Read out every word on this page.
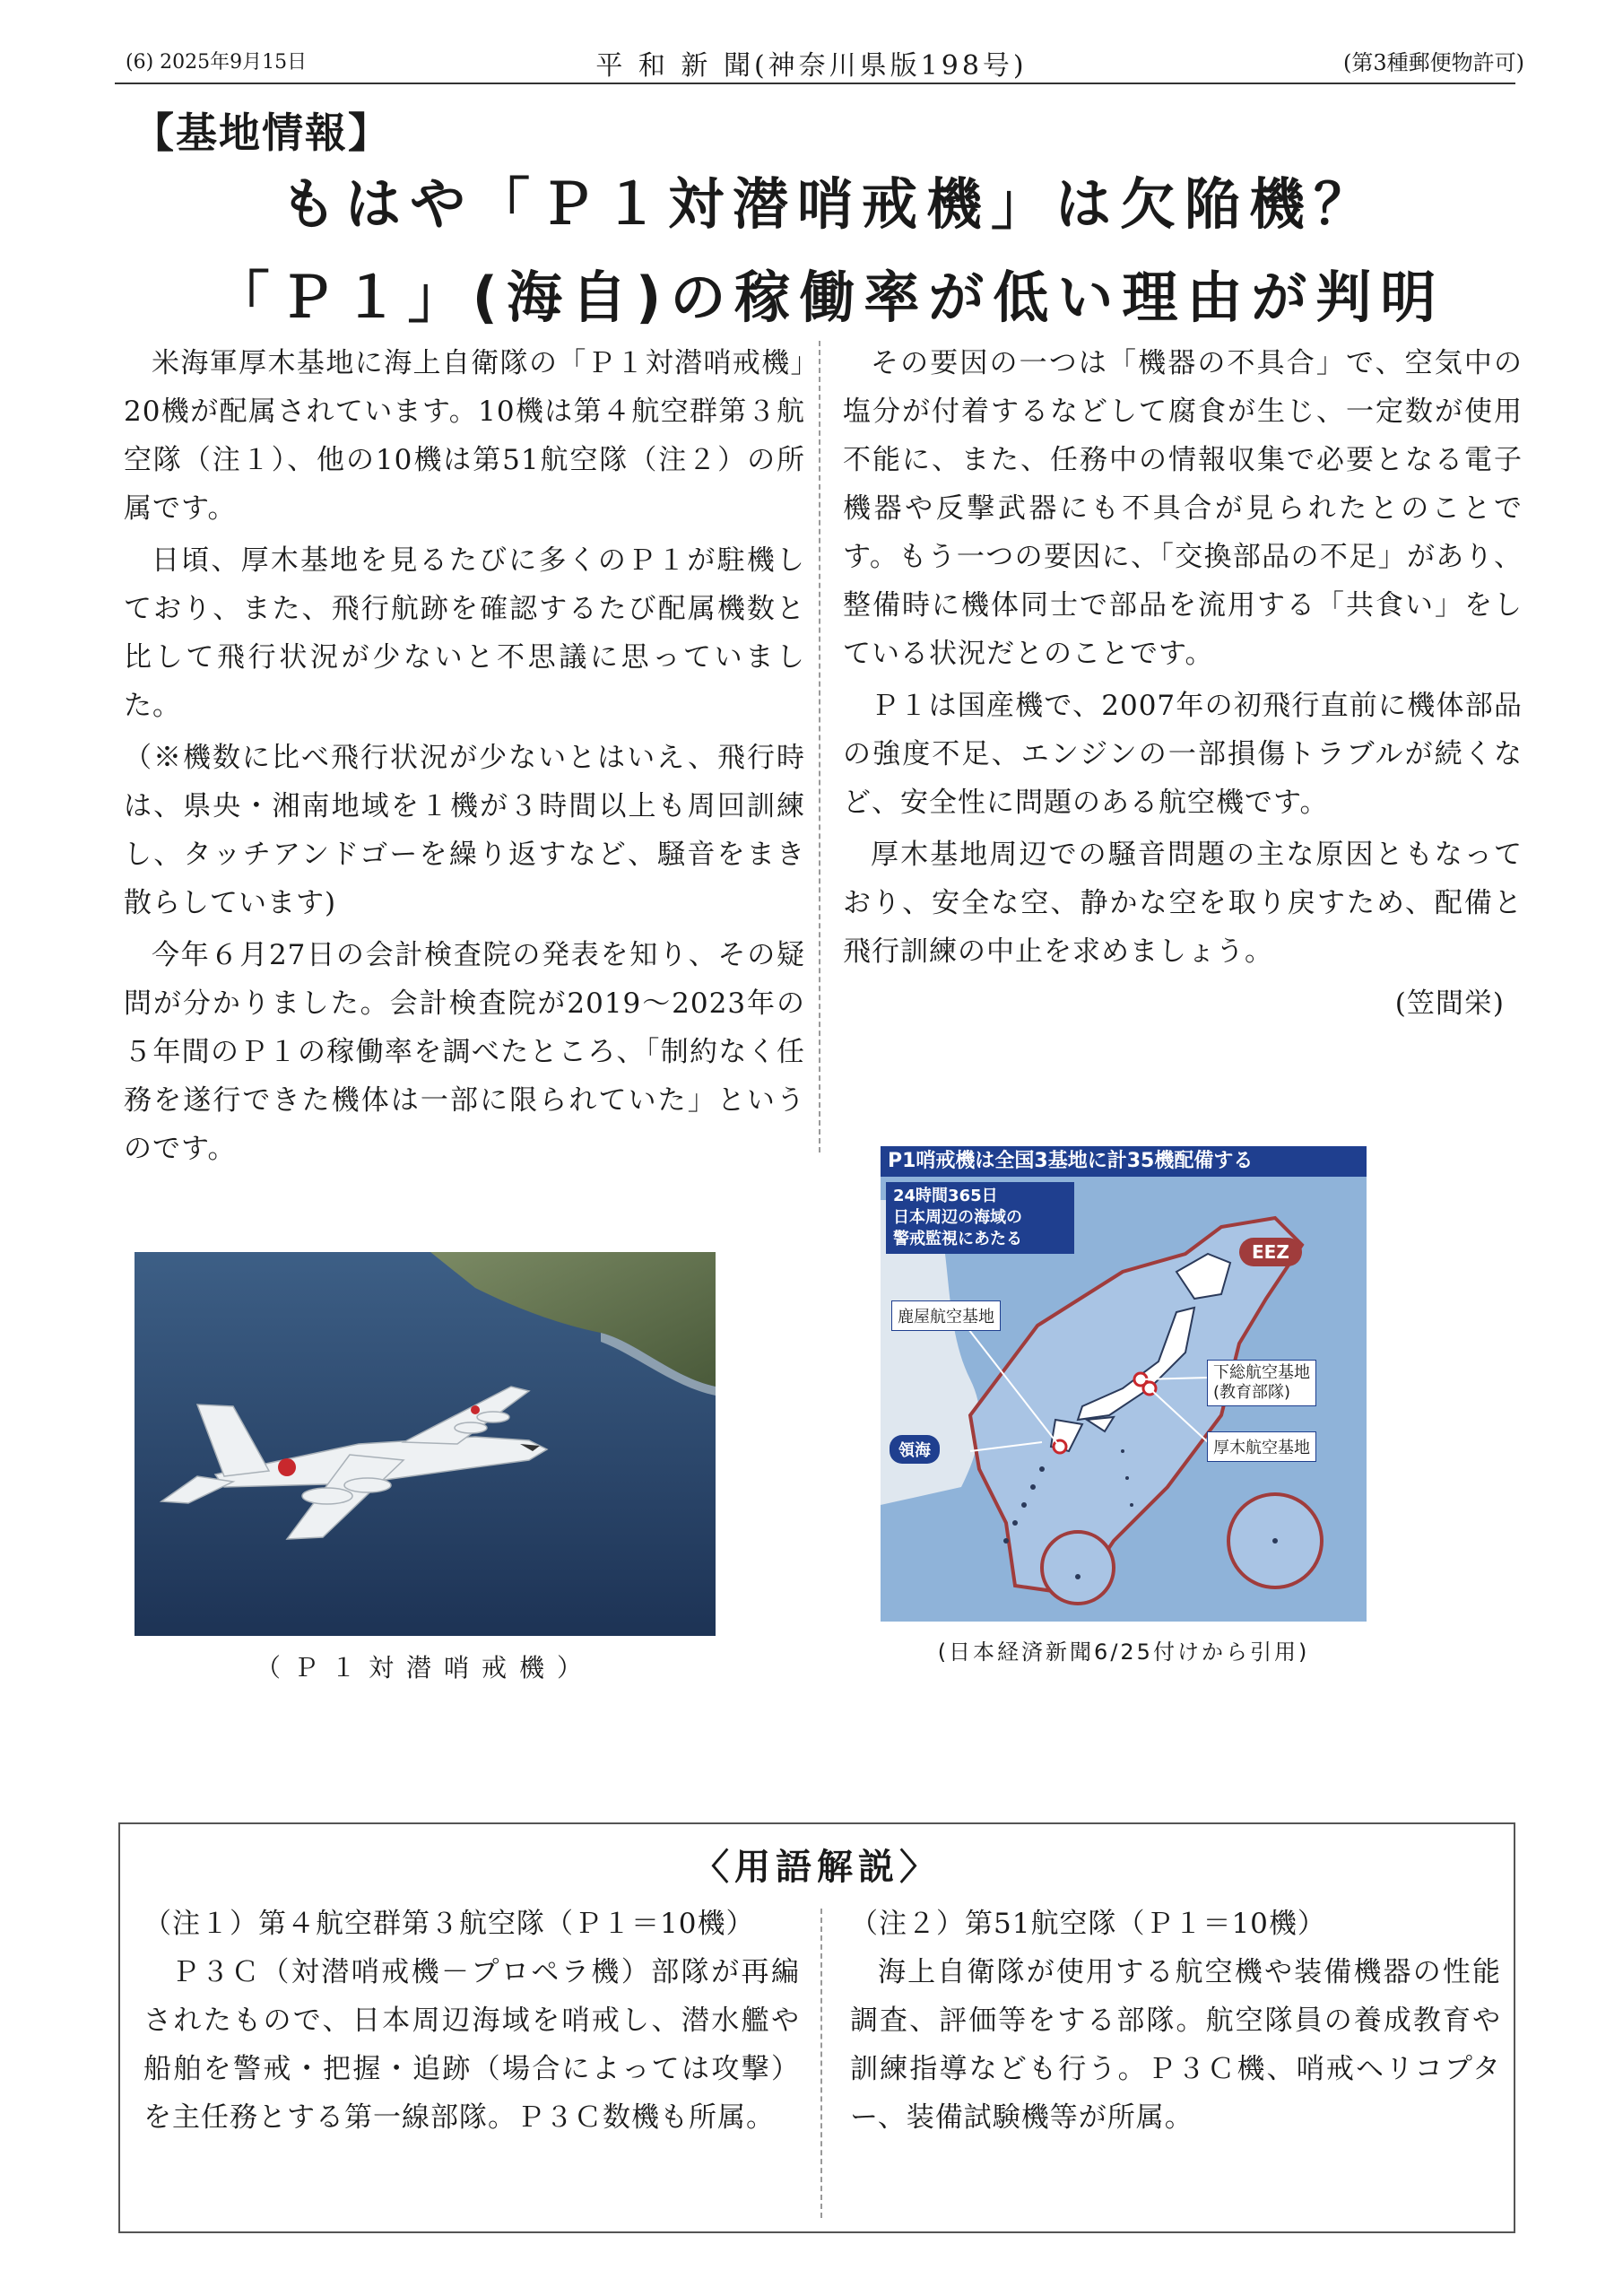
(6) 2025年9月15日	平 和 新 聞(神奈川県版198号)	(第3種郵便物許可)
【基地情報】
もはや「Ｐ１対潜哨戒機」は欠陥機？
「Ｐ１」(海自)の稼働率が低い理由が判明

米海軍厚木基地に海上自衛隊の「Ｐ１対潜哨戒機」20機が配属されています。10機は第４航空群第３航空隊（注１）、他の10機は第51航空隊（注２）の所属です。

日頃、厚木基地を見るたびに多くのＰ１が駐機しており、また、飛行航跡を確認するたび配属機数と比して飛行状況が少ないと不思議に思っていました。

（※機数に比べ飛行状況が少ないとはいえ、飛行時は、県央・湘南地域を１機が３時間以上も周回訓練し、タッチアンドゴーを繰り返すなど、騒音をまき散らしています)

今年６月27日の会計検査院の発表を知り、その疑問が分かりました。会計検査院が2019～2023年の５年間のＰ１の稼働率を調べたところ、「制約なく任務を遂行できた機体は一部に限られていた」というのです。

その要因の一つは「機器の不具合」で、空気中の塩分が付着するなどして腐食が生じ、一定数が使用不能に、また、任務中の情報収集で必要となる電子機器や反撃武器にも不具合が見られたとのことです。もう一つの要因に、「交換部品の不足」があり、整備時に機体同士で部品を流用する「共食い」をしている状況だとのことです。

Ｐ１は国産機で、2007年の初飛行直前に機体部品の強度不足、エンジンの一部損傷トラブルが続くなど、安全性に問題のある航空機です。

厚木基地周辺での騒音問題の主な原因ともなっており、安全な空、静かな空を取り戻すため、配備と飛行訓練の中止を求めましょう。

(笠間栄)
（Ｐ１対潜哨戒機）
P1哨戒機は全国3基地に計35機配備する
24時間365日
日本周辺の海域の
警戒監視にあたる
EEZ
鹿屋航空基地
下総航空基地
(教育部隊)
厚木航空基地
領海
(日本経済新聞6/25付けから引用)
〈用語解説〉

（注１）第４航空群第３航空隊（Ｐ１＝10機）

Ｐ３Ｃ（対潜哨戒機－プロペラ機）部隊が再編されたもので、日本周辺海域を哨戒し、潜水艦や船舶を警戒・把握・追跡（場合によっては攻撃）を主任務とする第一線部隊。Ｐ３Ｃ数機も所属。

（注２）第51航空隊（Ｐ１＝10機）

海上自衛隊が使用する航空機や装備機器の性能調査、評価等をする部隊。航空隊員の養成教育や訓練指導なども行う。Ｐ３Ｃ機、哨戒ヘリコプター、装備試験機等が所属。
